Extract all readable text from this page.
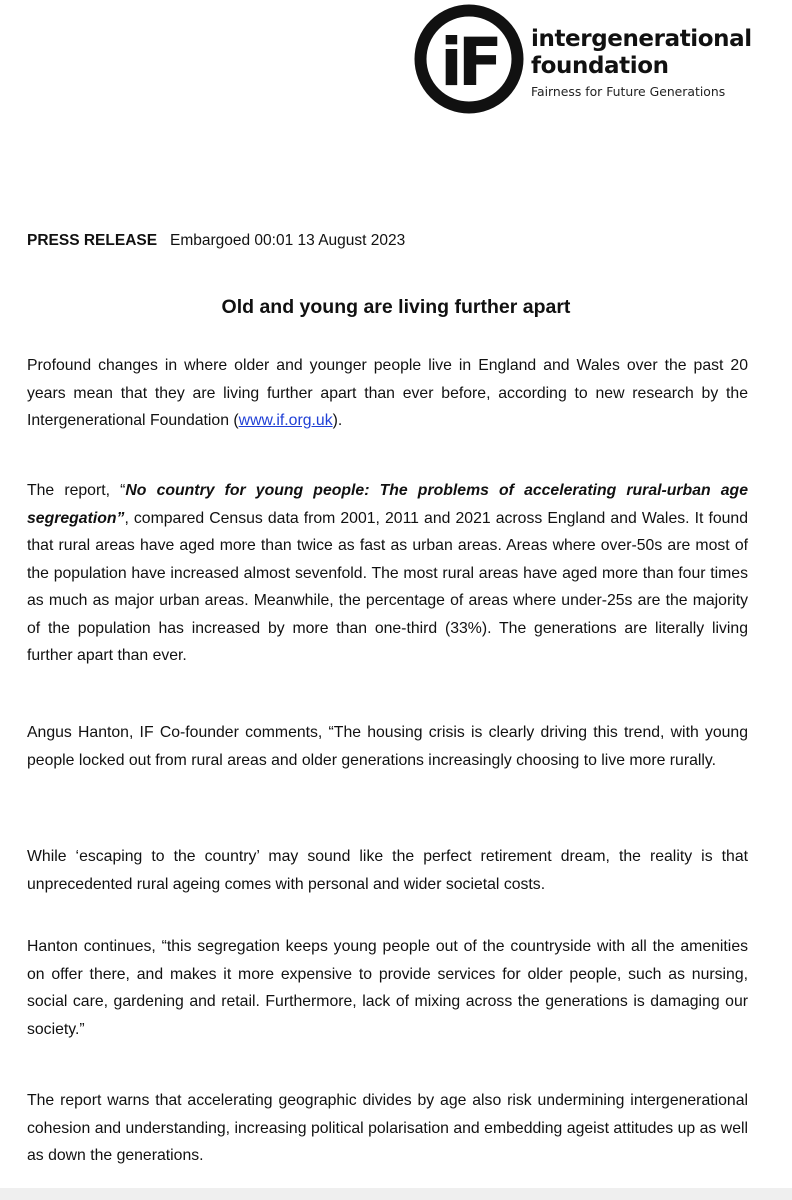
iF intergenerational
foundation
Fairness for Future Generations
PRESS RELEASE Embargoed 00:01 13 August 2023
Old and young are living further apart
Profound changes in where older and younger people live in England and Wales over the past 20 years mean that they are living further apart than ever before, according to new research by the Intergenerational Foundation (www.if.org.uk).
The report, “No country for young people: The problems of accelerating rural-urban age segregation”, compared Census data from 2001, 2011 and 2021 across England and Wales. It found that rural areas have aged more than twice as fast as urban areas. Areas where over-50s are most of the population have increased almost sevenfold. The most rural areas have aged more than four times as much as major urban areas. Meanwhile, the percentage of areas where under-25s are the majority of the population has increased by more than one-third (33%). The generations are literally living further apart than ever.
Angus Hanton, IF Co-founder comments, “The housing crisis is clearly driving this trend, with young people locked out from rural areas and older generations increasingly choosing to live more rurally.
While ‘escaping to the country’ may sound like the perfect retirement dream, the reality is that unprecedented rural ageing comes with personal and wider societal costs.
Hanton continues, “this segregation keeps young people out of the countryside with all the amenities on offer there, and makes it more expensive to provide services for older people, such as nursing, social care, gardening and retail. Furthermore, lack of mixing across the generations is damaging our society.”
The report warns that accelerating geographic divides by age also risk undermining intergenerational cohesion and understanding, increasing political polarisation and embedding ageist attitudes up as well as down the generations.
